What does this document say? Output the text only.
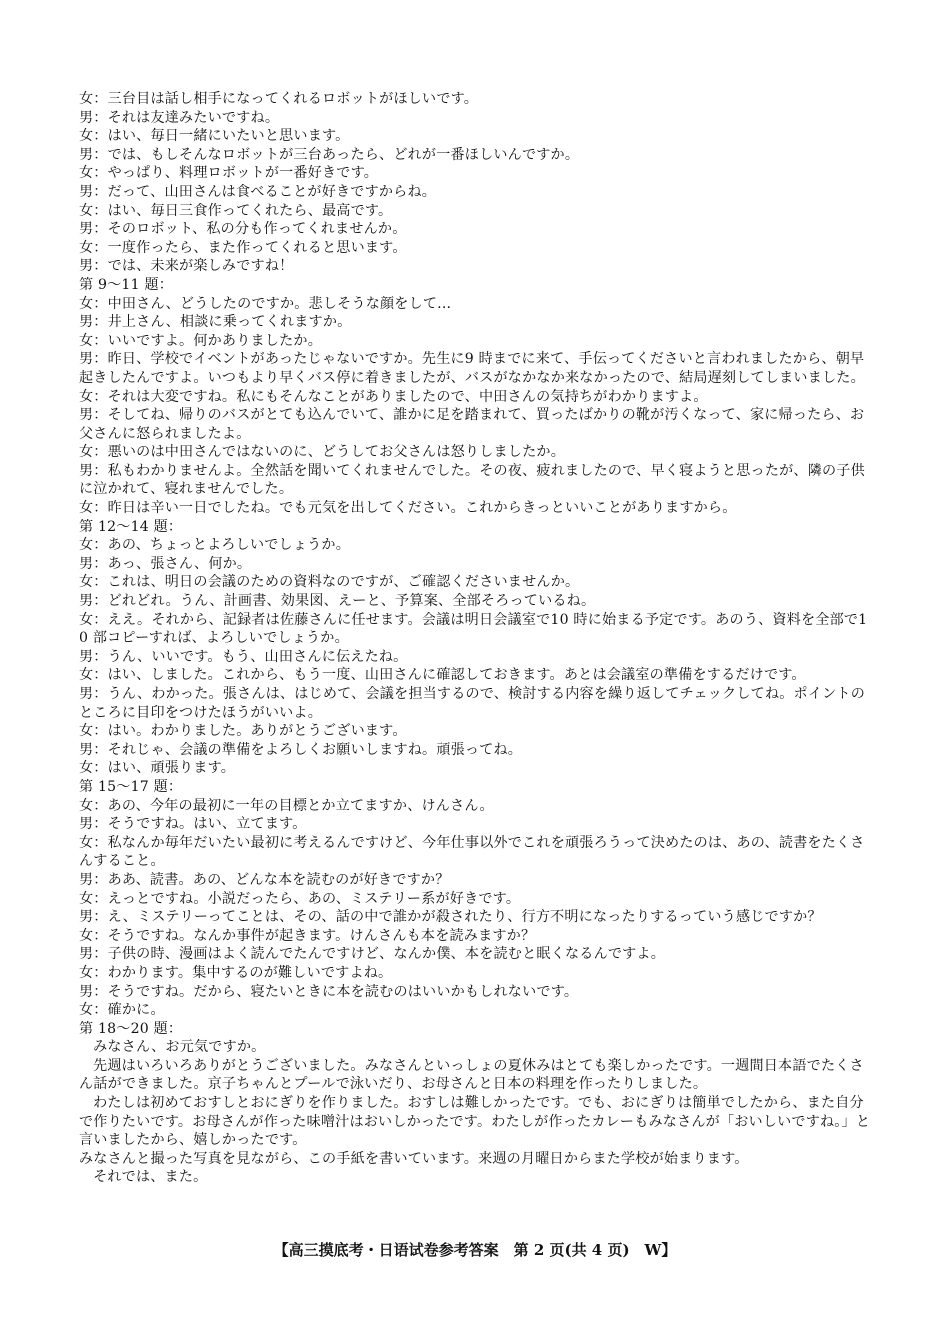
女：三台目は話し相手になってくれるロボットがほしいです。

男：それは友達みたいですね。

女：はい、毎日一緒にいたいと思います。

男：では、もしそんなロボットが三台あったら、どれが一番ほしいんですか。

女：やっぱり、料理ロボットが一番好きです。

男：だって、山田さんは食べることが好きですからね。

女：はい、毎日三食作ってくれたら、最高です。

男：そのロボット、私の分も作ってくれませんか。

女：一度作ったら、また作ってくれると思います。

男：では、未来が楽しみですね！

第 9～11 題：

女：中田さん、どうしたのですか。悲しそうな顔をして...

男：井上さん、相談に乗ってくれますか。

女：いいですよ。何かありましたか。

男：昨日、学校でイベントがあったじゃないですか。先生に9 時までに来て、手伝ってくださいと言われましたから、朝早起きしたんですよ。いつもより早くバス停に着きましたが、バスがなかなか来なかったので、結局遅刻してしまいました。

女：それは大変ですね。私にもそんなことがありましたので、中田さんの気持ちがわかりますよ。

男：そしてね、帰りのバスがとても込んでいて、誰かに足を踏まれて、買ったばかりの靴が汚くなって、家に帰ったら、お父さんに怒られましたよ。

女：悪いのは中田さんではないのに、どうしてお父さんは怒りしましたか。

男：私もわかりませんよ。全然話を聞いてくれませんでした。その夜、疲れましたので、早く寝ようと思ったが、隣の子供に泣かれて、寝れませんでした。

女：昨日は辛い一日でしたね。でも元気を出してください。これからきっといいことがありますから。

第 12～14 題：

女：あの、ちょっとよろしいでしょうか。

男：あっ、張さん、何か。

女：これは、明日の会議のための資料なのですが、ご確認くださいませんか。

男：どれどれ。うん、計画書、効果図、えーと、予算案、全部そろっているね。

女：ええ。それから、記録者は佐藤さんに任せます。会議は明日会議室で10 時に始まる予定です。あのう、資料を全部で10 部コピーすれば、よろしいでしょうか。

男：うん、いいです。もう、山田さんに伝えたね。

女：はい、しました。これから、もう一度、山田さんに確認しておきます。あとは会議室の準備をするだけです。

男：うん、わかった。張さんは、はじめて、会議を担当するので、検討する内容を繰り返してチェックしてね。ポイントのところに目印をつけたほうがいいよ。

女：はい。わかりました。ありがとうございます。

男：それじゃ、会議の準備をよろしくお願いしますね。頑張ってね。

女：はい、頑張ります。

第 15～17 題：

女：あの、今年の最初に一年の目標とか立てますか、けんさん。

男：そうですね。はい、立てます。

女：私なんか毎年だいたい最初に考えるんですけど、今年仕事以外でこれを頑張ろうって決めたのは、あの、読書をたくさんすること。

男：ああ、読書。あの、どんな本を読むのが好きですか？

女：えっとですね。小説だったら、あの、ミステリー系が好きです。

男：え、ミステリーってことは、その、話の中で誰かが殺されたり、行方不明になったりするっていう感じですか？

女：そうですね。なんか事件が起きます。けんさんも本を読みますか？

男：子供の時、漫画はよく読んでたんですけど、なんか僕、本を読むと眠くなるんですよ。

女：わかります。集中するのが難しいですよね。

男：そうですね。だから、寝たいときに本を読むのはいいかもしれないです。

女：確かに。

第 18～20 題：

みなさん、お元気ですか。

先週はいろいろありがとうございました。みなさんといっしょの夏休みはとても楽しかったです。一週間日本語でたくさん話ができました。京子ちゃんとプールで泳いだり、お母さんと日本の料理を作ったりしました。

わたしは初めておすしとおにぎりを作りました。おすしは難しかったです。でも、おにぎりは簡単でしたから、また自分で作りたいです。お母さんが作った味噌汁はおいしかったです。わたしが作ったカレーもみなさんが「おいしいですね。」と言いましたから、嬉しかったです。

みなさんと撮った写真を見ながら、この手紙を書いています。来週の月曜日からまた学校が始まります。

それでは、また。

【高三摸底考・日语试卷参考答案　第 2 页(共 4 页)　W】
